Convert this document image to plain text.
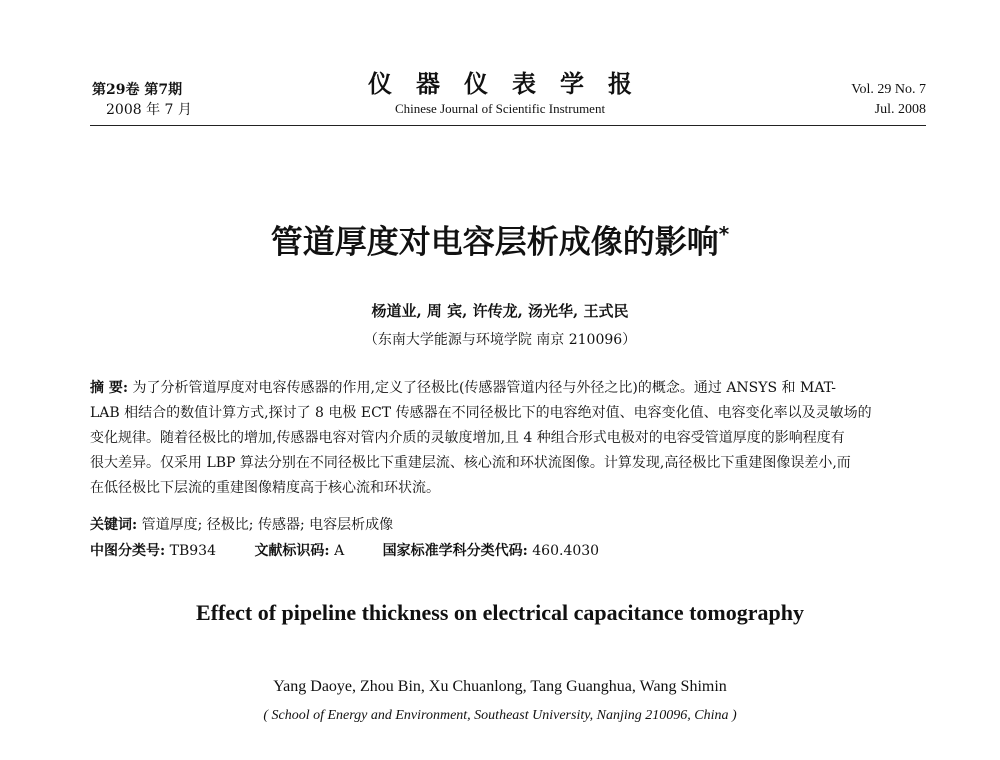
第29卷 第7期
2008 年 7 月
仪器仪表学报
Chinese Journal of Scientific Instrument
Vol. 29 No. 7
Jul. 2008
管道厚度对电容层析成像的影响*
杨道业, 周 宾, 许传龙, 汤光华, 王式民
（东南大学能源与环境学院 南京 210096）
摘 要: 为了分析管道厚度对电容传感器的作用,定义了径极比(传感器管道内径与外径之比)的概念。通过 ANSYS 和 MAT-
LAB 相结合的数值计算方式,探讨了 8 电极 ECT 传感器在不同径极比下的电容绝对值、电容变化值、电容变化率以及灵敏场的
变化规律。随着径极比的增加,传感器电容对管内介质的灵敏度增加,且 4 种组合形式电极对的电容受管道厚度的影响程度有
很大差异。仅采用 LBP 算法分别在不同径极比下重建层流、核心流和环状流图像。计算发现,高径极比下重建图像误差小,而
在低径极比下层流的重建图像精度高于核心流和环状流。
关键词: 管道厚度; 径极比; 传感器; 电容层析成像
中图分类号: TB934	文献标识码: A	国家标准学科分类代码: 460.4030
Effect of pipeline thickness on electrical capacitance tomography
Yang Daoye, Zhou Bin, Xu Chuanlong, Tang Guanghua, Wang Shimin
( School of Energy and Environment, Southeast University, Nanjing 210096, China )
